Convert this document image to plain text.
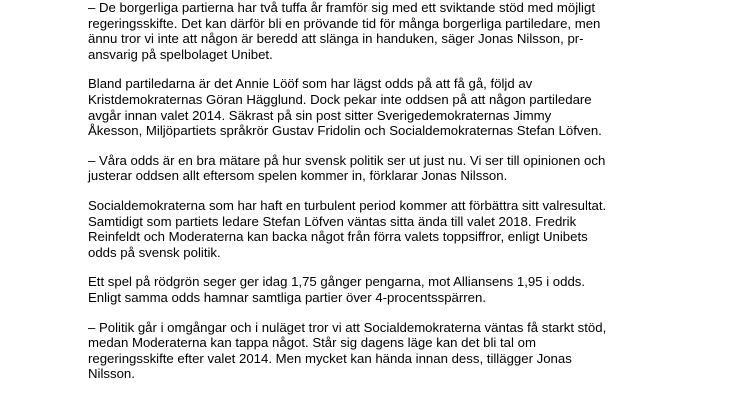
– De borgerliga partierna har två tuffa år framför sig med ett sviktande stöd med möjligt
regeringsskifte. Det kan därför bli en prövande tid för många borgerliga partiledare, men
ännu tror vi inte att någon är beredd att slänga in handuken, säger Jonas Nilsson, pr-
ansvarig på spelbolaget Unibet.

Bland partiledarna är det Annie Lööf som har lägst odds på att få gå, följd av
Kristdemokraternas Göran Hägglund. Dock pekar inte oddsen på att någon partiledare
avgår innan valet 2014. Säkrast på sin post sitter Sverigedemokraternas Jimmy
Åkesson, Miljöpartiets språkrör Gustav Fridolin och Socialdemokraternas Stefan Löfven.

– Våra odds är en bra mätare på hur svensk politik ser ut just nu. Vi ser till opinionen och
justerar oddsen allt eftersom spelen kommer in, förklarar Jonas Nilsson.

Socialdemokraterna som har haft en turbulent period kommer att förbättra sitt valresultat.
Samtidigt som partiets ledare Stefan Löfven väntas sitta ända till valet 2018. Fredrik
Reinfeldt och Moderaterna kan backa något från förra valets toppsiffror, enligt Unibets
odds på svensk politik.

Ett spel på rödgrön seger ger idag 1,75 gånger pengarna, mot Alliansens 1,95 i odds.
Enligt samma odds hamnar samtliga partier över 4-procentsspärren.

– Politik går i omgångar och i nuläget tror vi att Socialdemokraterna väntas få starkt stöd,
medan Moderaterna kan tappa något. Står sig dagens läge kan det bli tal om
regeringsskifte efter valet 2014. Men mycket kan hända innan dess, tillägger Jonas
Nilsson.
